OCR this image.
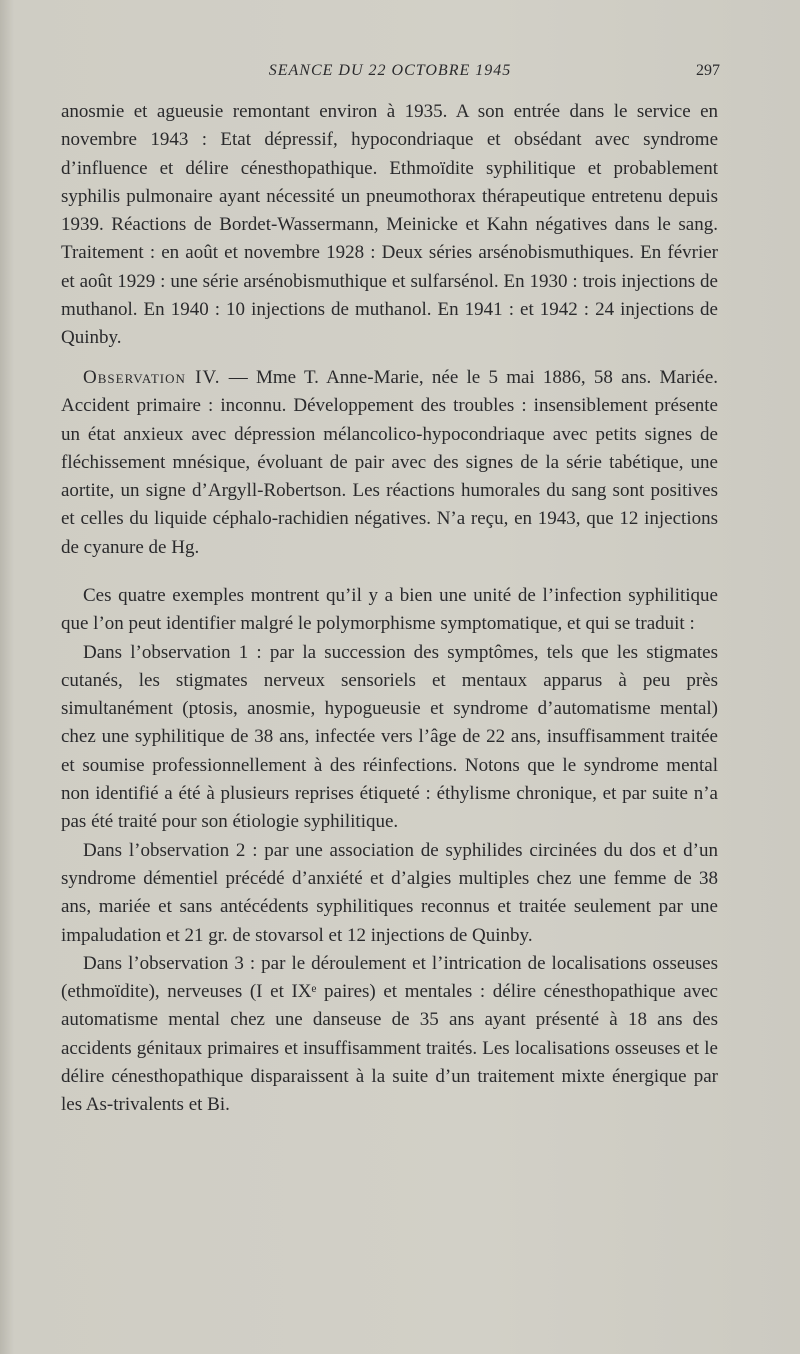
SEANCE DU 22 OCTOBRE 1945	297

anosmie et agueusie remontant environ à 1935. A son entrée dans le service en novembre 1943 : Etat dépressif, hypocondriaque et obsédant avec syndrome d’influence et délire cénesthopathique. Ethmoïdite syphilitique et probablement syphilis pulmonaire ayant nécessité un pneumothorax thérapeutique entretenu depuis 1939. Réactions de Bordet-Wassermann, Meinicke et Kahn négatives dans le sang. Traitement : en août et novembre 1928 : Deux séries arsénobismuthiques. En février et août 1929 : une série arsénobismuthique et sulfarsénol. En 1930 : trois injections de muthanol. En 1940 : 10 injections de muthanol. En 1941 : et 1942 : 24 injections de Quinby.

Observation IV. — Mme T. Anne-Marie, née le 5 mai 1886, 58 ans. Mariée. Accident primaire : inconnu. Développement des troubles : insensiblement présente un état anxieux avec dépression mélancolico-hypocondriaque avec petits signes de fléchissement mnésique, évoluant de pair avec des signes de la série tabétique, une aortite, un signe d’Argyll-Robertson. Les réactions humorales du sang sont positives et celles du liquide céphalo-rachidien négatives. N’a reçu, en 1943, que 12 injections de cyanure de Hg.

Ces quatre exemples montrent qu’il y a bien une unité de l’infection syphilitique que l’on peut identifier malgré le polymorphisme symptomatique, et qui se traduit :

Dans l’observation 1 : par la succession des symptômes, tels que les stigmates cutanés, les stigmates nerveux sensoriels et mentaux apparus à peu près simultanément (ptosis, anosmie, hypogueusie et syndrome d’automatisme mental) chez une syphilitique de 38 ans, infectée vers l’âge de 22 ans, insuffisamment traitée et soumise professionnellement à des réinfections. Notons que le syndrome mental non identifié a été à plusieurs reprises étiqueté : éthylisme chronique, et par suite n’a pas été traité pour son étiologie syphilitique.

Dans l’observation 2 : par une association de syphilides circinées du dos et d’un syndrome démentiel précédé d’anxiété et d’algies multiples chez une femme de 38 ans, mariée et sans antécédents syphilitiques reconnus et traitée seulement par une impaludation et 21 gr. de stovarsol et 12 injections de Quinby.

Dans l’observation 3 : par le déroulement et l’intrication de localisations osseuses (ethmoïdite), nerveuses (I et IXᵉ paires) et mentales : délire cénesthopathique avec automatisme mental chez une danseuse de 35 ans ayant présenté à 18 ans des accidents génitaux primaires et insuffisamment traités. Les localisations osseuses et le délire cénesthopathique disparaissent à la suite d’un traitement mixte énergique par les As-trivalents et Bi.
